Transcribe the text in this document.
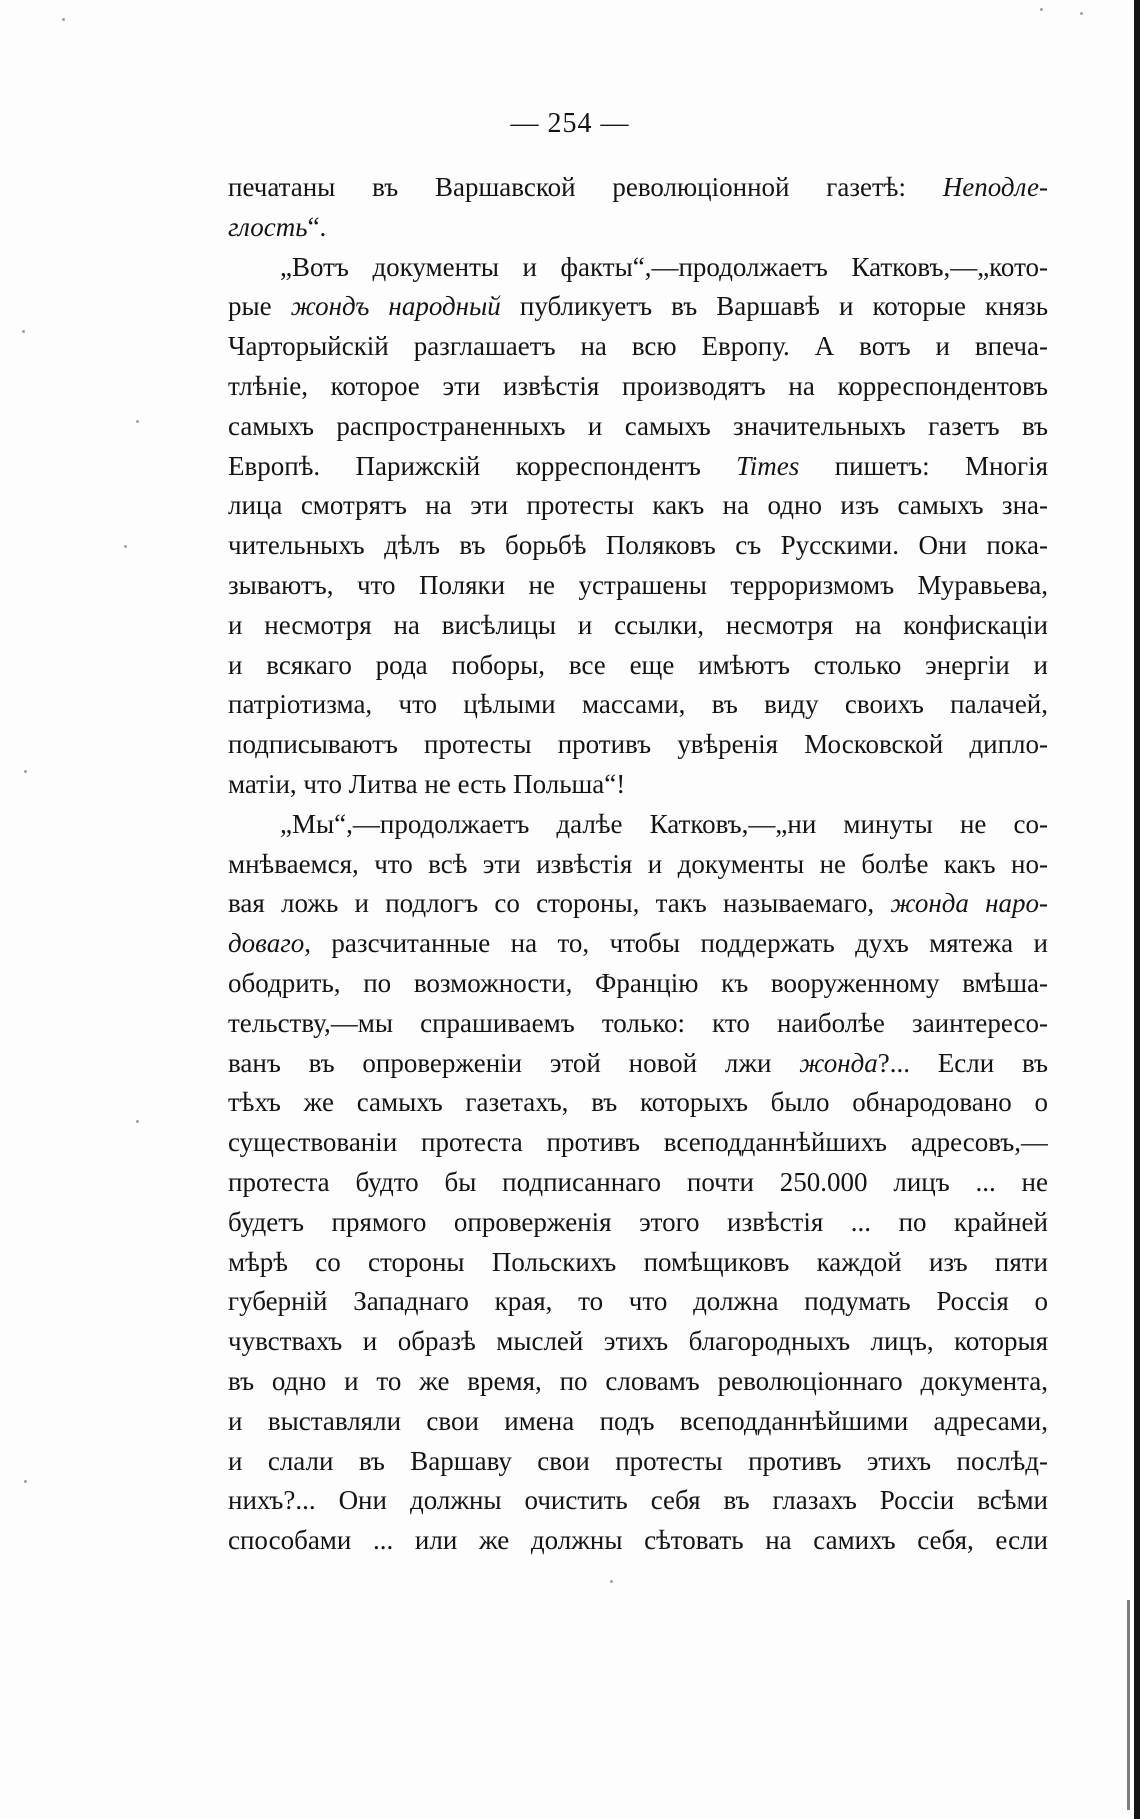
— 254 —
печатаны въ Варшавской революціонной газетѣ: Неподле-
глость“.
„Вотъ документы и факты“,—продолжаетъ Катковъ,—„кото-
рые жондъ народный публикуетъ въ Варшавѣ и которые князь
Чарторыйскій разглашаетъ на всю Европу. А вотъ и впеча-
тлѣніе, которое эти извѣстія производятъ на корреспондентовъ
самыхъ распространенныхъ и самыхъ значительныхъ газетъ въ
Европѣ. Парижскій корреспондентъ Times пишетъ: Многія
лица смотрятъ на эти протесты какъ на одно изъ самыхъ зна-
чительныхъ дѣлъ въ борьбѣ Поляковъ съ Русскими. Они пока-
зываютъ, что Поляки не устрашены терроризмомъ Муравьева,
и несмотря на висѣлицы и ссылки, несмотря на конфискаціи
и всякаго рода поборы, все еще имѣютъ столько энергіи и
патріотизма, что цѣлыми массами, въ виду своихъ палачей,
подписываютъ протесты противъ увѣренія Московской дипло-
матіи, что Литва не есть Польша“!
„Мы“,—продолжаетъ далѣе Катковъ,—„ни минуты не со-
мнѣваемся, что всѣ эти извѣстія и документы не болѣе какъ но-
вая ложь и подлогъ со стороны, такъ называемаго, жонда наро-
доваго, разсчитанные на то, чтобы поддержать духъ мятежа и
ободрить, по возможности, Францію къ вооруженному вмѣша-
тельству,—мы спрашиваемъ только: кто наиболѣе заинтересо-
ванъ въ опроверженіи этой новой лжи жонда?... Если въ
тѣхъ же самыхъ газетахъ, въ которыхъ было обнародовано о
существованіи протеста противъ всеподданнѣйшихъ адресовъ,—
протеста будто бы подписаннаго почти 250.000 лицъ ... не
будетъ прямого опроверженія этого извѣстія ... по крайней
мѣрѣ со стороны Польскихъ помѣщиковъ каждой изъ пяти
губерній Западнаго края, то что должна подумать Россія о
чувствахъ и образѣ мыслей этихъ благородныхъ лицъ, которыя
въ одно и то же время, по словамъ революціоннаго документа,
и выставляли свои имена подъ всеподданнѣйшими адресами,
и слали въ Варшаву свои протесты противъ этихъ послѣд-
нихъ?... Они должны очистить себя въ глазахъ Россіи всѣми
способами ... или же должны сѣтовать на самихъ себя, если
